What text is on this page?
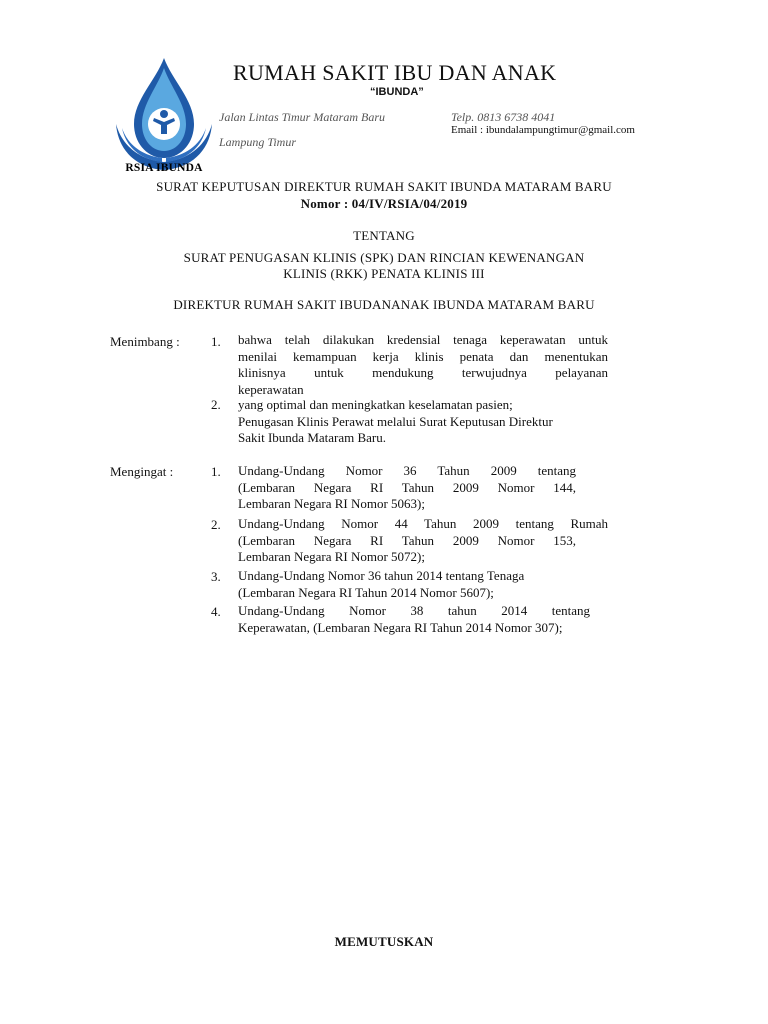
RSIA IBUNDA
RUMAH SAKIT IBU DAN ANAK
“IBUNDA”
Jalan Lintas Timur Mataram Baru
Lampung Timur
Telp. 0813 6738 4041
Email : ibundalampungtimur@gmail.com
SURAT KEPUTUSAN DIREKTUR RUMAH SAKIT IBUNDA MATARAM BARU
Nomor : 04/IV/RSIA/04/2019
TENTANG
SURAT PENUGASAN KLINIS (SPK) DAN RINCIAN KEWENANGAN
KLINIS (RKK) PENATA KLINIS III
DIREKTUR RUMAH SAKIT IBUDANANAK IBUNDA MATARAM BARU
Menimbang : 1. bahwa telah dilakukan kredensial tenaga keperawatan untuk
menilai kemampuan kerja klinis penata dan menentukan
klinisnya untuk mendukung terwujudnya pelayanan
keperawatan
2. yang optimal dan meningkatkan keselamatan pasien;
Penugasan Klinis Perawat melalui Surat Keputusan Direktur
Sakit Ibunda Mataram Baru.
Mengingat :	1. Undang-Undang Nomor 36 Tahun 2009 tentang
(Lembaran Negara RI Tahun 2009 Nomor 144,
Lembaran Negara RI Nomor 5063);
2. Undang-Undang Nomor 44 Tahun 2009 tentang Rumah
(Lembaran Negara RI Tahun 2009 Nomor 153,
Lembaran Negara RI Nomor 5072);
3. Undang-Undang Nomor 36 tahun 2014 tentang Tenaga
(Lembaran Negara RI Tahun 2014 Nomor 5607);
4. Undang-Undang Nomor 38 tahun 2014 tentang
Keperawatan, (Lembaran Negara RI Tahun 2014 Nomor 307);
MEMUTUSKAN
